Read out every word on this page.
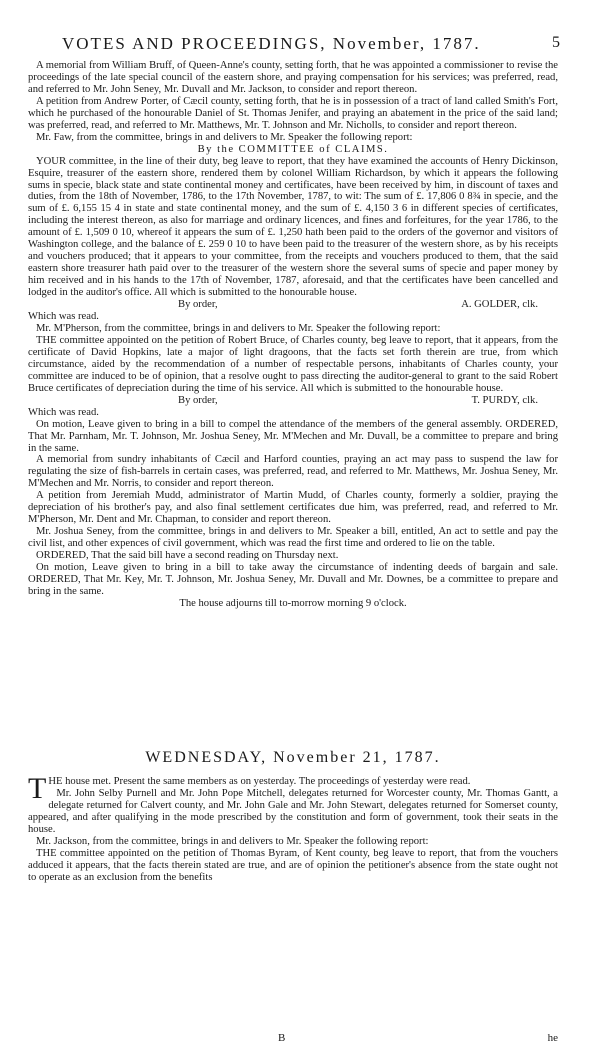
VOTES AND PROCEEDINGS, November, 1787.	5

A memorial from William Bruff, of Queen-Anne's county, setting forth, that he was appointed a commissioner to revise the proceedings of the late special council of the eastern shore, and praying compensation for his services; was preferred, read, and referred to Mr. John Seney, Mr. Duvall and Mr. Jackson, to consider and report thereon.

A petition from Andrew Porter, of Cæcil county, setting forth, that he is in possession of a tract of land called Smith's Fort, which he purchased of the honourable Daniel of St. Thomas Jenifer, and praying an abatement in the price of the said land; was preferred, read, and referred to Mr. Matthews, Mr. T. Johnson and Mr. Nicholls, to consider and report thereon.

Mr. Faw, from the committee, brings in and delivers to Mr. Speaker the following report:

By the COMMITTEE of CLAIMS.

YOUR committee, in the line of their duty, beg leave to report, that they have examined the accounts of Henry Dickinson, Esquire, treasurer of the eastern shore, rendered them by colonel William Richardson, by which it appears the following sums in specie, black state and state continental money and certificates, have been received by him, in discount of taxes and duties, from the 18th of November, 1786, to the 17th November, 1787, to wit: The sum of £. 17,806 0 8¾ in specie, and the sum of £. 6,155 15 4 in state and state continental money, and the sum of £. 4,150 3 6 in different species of certificates, including the interest thereon, as also for marriage and ordinary licences, and fines and forfeitures, for the year 1786, to the amount of £. 1,509 0 10, whereof it appears the sum of £. 1,250 hath been paid to the orders of the governor and visitors of Washington college, and the balance of £. 259 0 10 to have been paid to the treasurer of the western shore, as by his receipts and vouchers produced; that it appears to your committee, from the receipts and vouchers produced to them, that the said eastern shore treasurer hath paid over to the treasurer of the western shore the several sums of specie and paper money by him received and in his hands to the 17th of November, 1787, aforesaid, and that the certificates have been cancelled and lodged in the auditor's office. All which is submitted to the honourable house.

By order,	A. GOLDER, clk.

Which was read.

Mr. M'Pherson, from the committee, brings in and delivers to Mr. Speaker the following report:

THE committee appointed on the petition of Robert Bruce, of Charles county, beg leave to report, that it appears, from the certificate of David Hopkins, late a major of light dragoons, that the facts set forth therein are true, from which circumstance, aided by the recommendation of a number of respectable persons, inhabitants of Charles county, your committee are induced to be of opinion, that a resolve ought to pass directing the auditor-general to grant to the said Robert Bruce certificates of depreciation during the time of his service. All which is submitted to the honourable house.

By order,	T. PURDY, clk.

Which was read.

On motion, Leave given to bring in a bill to compel the attendance of the members of the general assembly. ORDERED, That Mr. Parnham, Mr. T. Johnson, Mr. Joshua Seney, Mr. M'Mechen and Mr. Duvall, be a committee to prepare and bring in the same.

A memorial from sundry inhabitants of Cæcil and Harford counties, praying an act may pass to suspend the law for regulating the size of fish-barrels in certain cases, was preferred, read, and referred to Mr. Matthews, Mr. Joshua Seney, Mr. M'Mechen and Mr. Norris, to consider and report thereon.

A petition from Jeremiah Mudd, administrator of Martin Mudd, of Charles county, formerly a soldier, praying the depreciation of his brother's pay, and also final settlement certificates due him, was preferred, read, and referred to Mr. M'Pherson, Mr. Dent and Mr. Chapman, to consider and report thereon.

Mr. Joshua Seney, from the committee, brings in and delivers to Mr. Speaker a bill, entitled, An act to settle and pay the civil list, and other expences of civil government, which was read the first time and ordered to lie on the table.

ORDERED, That the said bill have a second reading on Thursday next.

On motion, Leave given to bring in a bill to take away the circumstance of indenting deeds of bargain and sale. ORDERED, That Mr. Key, Mr. T. Johnson, Mr. Joshua Seney, Mr. Duvall and Mr. Downes, be a committee to prepare and bring in the same.

The house adjourns till to-morrow morning 9 o'clock.

WEDNESDAY, November 21, 1787.

THE house met. Present the same members as on yesterday. The proceedings of yesterday were read.

Mr. John Selby Purnell and Mr. John Pope Mitchell, delegates returned for Worcester county, Mr. Thomas Gantt, a delegate returned for Calvert county, and Mr. John Gale and Mr. John Stewart, delegates returned for Somerset county, appeared, and after qualifying in the mode prescribed by the constitution and form of government, took their seats in the house.

Mr. Jackson, from the committee, brings in and delivers to Mr. Speaker the following report:

THE committee appointed on the petition of Thomas Byram, of Kent county, beg leave to report, that from the vouchers adduced it appears, that the facts therein stated are true, and are of opinion the petitioner's absence from the state ought not to operate as an exclusion from the benefits

B	he
